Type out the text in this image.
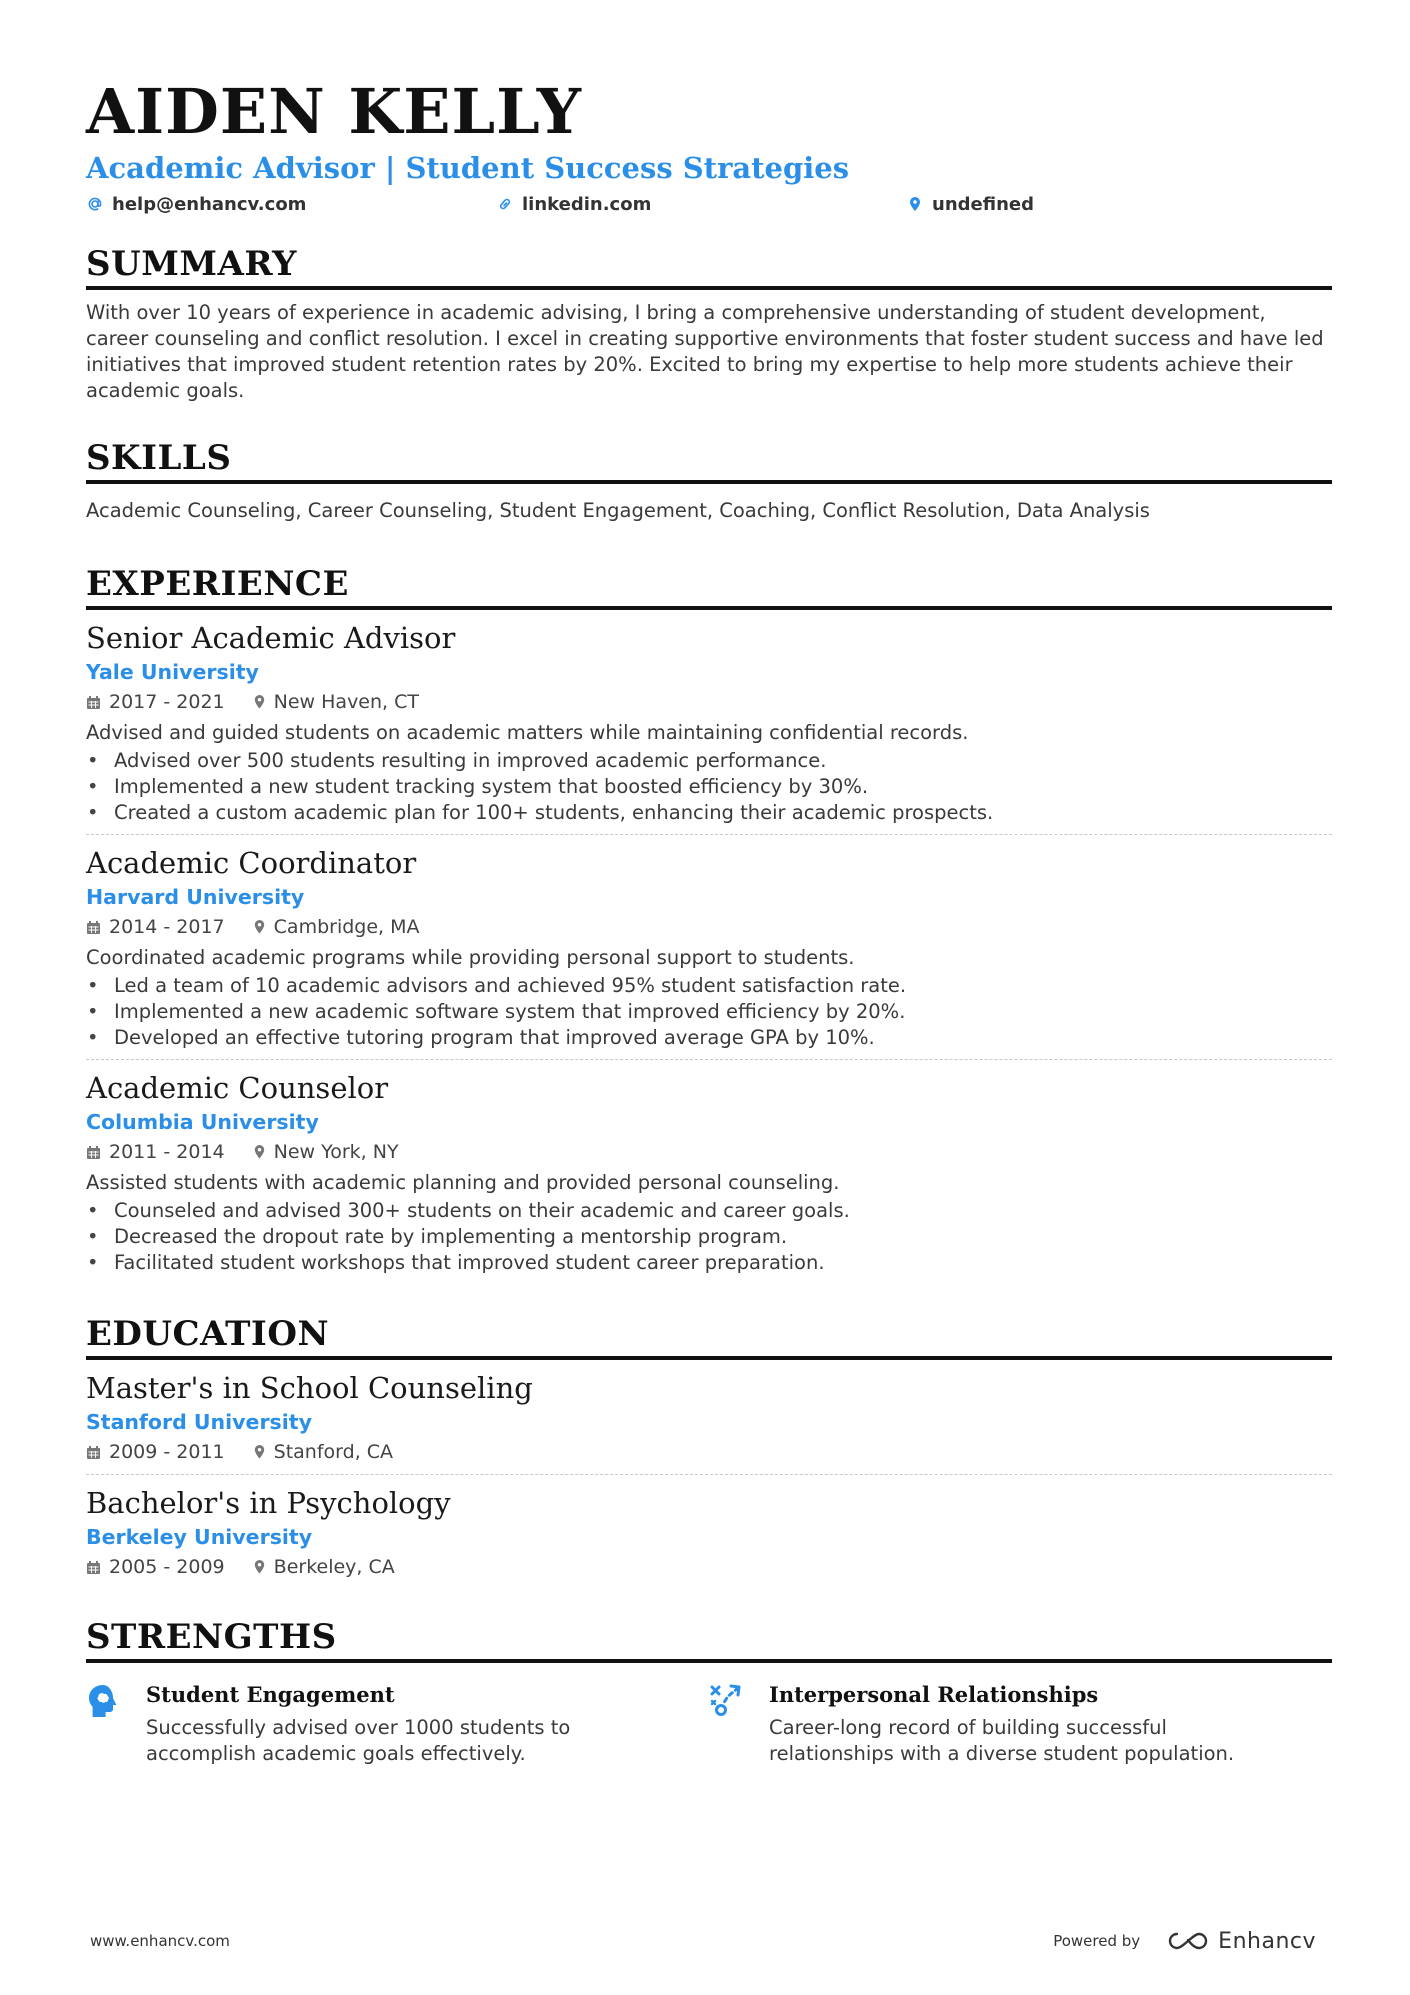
AIDEN KELLY
Academic Advisor | Student Success Strategies
help@enhancv.com	linkedin.com	undefined
SUMMARY

With over 10 years of experience in academic advising, I bring a comprehensive understanding of student development, career counseling and conflict resolution. I excel in creating supportive environments that foster student success and have led initiatives that improved student retention rates by 20%. Excited to bring my expertise to help more students achieve their academic goals.

SKILLS

Academic Counseling, Career Counseling, Student Engagement, Coaching, Conflict Resolution, Data Analysis

EXPERIENCE
Senior Academic Advisor
Yale University
2017 - 2021	New Haven, CT
Advised and guided students on academic matters while maintaining confidential records.
• Advised over 500 students resulting in improved academic performance.
• Implemented a new student tracking system that boosted efficiency by 30%.
• Created a custom academic plan for 100+ students, enhancing their academic prospects.
Academic Coordinator
Harvard University
2014 - 2017	Cambridge, MA
Coordinated academic programs while providing personal support to students.
• Led a team of 10 academic advisors and achieved 95% student satisfaction rate.
• Implemented a new academic software system that improved efficiency by 20%.
• Developed an effective tutoring program that improved average GPA by 10%.
Academic Counselor
Columbia University
2011 - 2014	New York, NY
Assisted students with academic planning and provided personal counseling.
• Counseled and advised 300+ students on their academic and career goals.
• Decreased the dropout rate by implementing a mentorship program.
• Facilitated student workshops that improved student career preparation.
EDUCATION
Master's in School Counseling
Stanford University
2009 - 2011	Stanford, CA
Bachelor's in Psychology
Berkeley University
2005 - 2009	Berkeley, CA
STRENGTHS
Student Engagement
Successfully advised over 1000 students to accomplish academic goals effectively.
Interpersonal Relationships
Career-long record of building successful relationships with a diverse student population.
www.enhancv.com	Powered by	Enhancv
